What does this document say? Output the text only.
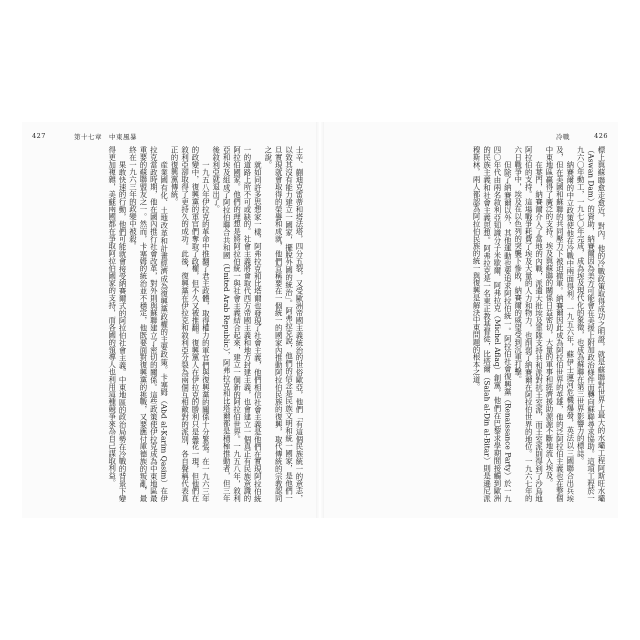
427	第十七章　中東風暴

士辛、蒯迪克雷蒂和塔法塔，四分五裂，又受歐洲帝國主義統治的世俗歐亞，他們「有這個民族統一的意志，以致其沒有能力建立一國家，擺脫外國的統治」。阿弗拉克說，他們的信念是民族文明和統一國家，是他們一旦實現就會取得的榮譽和成就，他們宣稱要在一個統一的國家內推動阿拉伯民族的復興，取代傳統的宗教認同之說。

就如同許多思想家一樣，阿弗拉克和比塔爾也發現了社會主義，他們相信社會主義是他們在實現阿拉伯統一的道路上所不可或缺的。社會主義將會取代西方帝國主義和地方封建主義，也會建立一個真正有民族意識的阿拉伯國家。他們的理想是將阿拉伯統一與社會主義結合起來，建立一個新的阿拉伯世界。一九五八年，敘利亞和埃及組成了阿拉伯聯合共和國（United Arab Republic），阿弗拉克和比塔爾都是積極推動者，但三年後敘利亞就退出了。

一九五八年伊拉克的革命中推翻了君主政體，取得權力的軍官們與復興黨的關係十分緊張。在一九六三年的政變中，復興黨的軍官們奪取了政權，但不久又被推翻。復興黨人在伊拉克的勝利只是曇花一現，但他們在敘利亞卻取得了更持久的成功。此後，復興黨在伊拉克和敘利亞分裂為兩個互相敵對的派別，各自聲稱代表真正的復興黨傳統。

産業國有化、土地改革和計畫經濟成為復興黨政權的主要政策。卡塞姆（Abd al-Karim Qasim）在伊拉克當政時期，他在國內推行社會改革，對外則與蘇聯建立了密切的關係。這些政策使伊拉克成為中東地區最重要的蘇聯盟友之一。然而，卡塞姆的統治並不穩定，他既要面對復興黨的挑戰，又要應付庫德族的叛亂，最終在一九六三年的政變中被殺。

果敢快速的行動，他們可能就會接受納賽爾式的阿拉伯社會主義。中東地區的政治局勢在冷戰的背景下變得更加複雜，美蘇兩國都在爭取阿拉伯國家的支持，而各國的領導人也利用這種競爭來為自己謀取利益。

冷戰	426

標上與蘇聯愈走愈近，對內，他的冷戰政策取得成功之明證，就是蘇聯對世界上最大的水壩工程阿斯旺水壩（Aswan Dam）的資助，納賽爾因為美方可能會在美援上附加政治條件而轉向蘇聯尋求協助。這項工程於一九六〇年動工，一九七〇年完成，成為埃及現代化的象徵，也成為蘇聯在第三世界影響力的標誌。

納賽爾的中立政策使他在冷戰中兩面得利。一九五六年，蘇伊士運河危機爆發，英法以三國聯合出兵埃及，但在美國和蘇聯的共同壓力下被迫撤軍。納賽爾因此成為阿拉伯世界的英雄，他的泛阿拉伯主義也在整個中東地區贏得了廣泛的支持。埃及與蘇聯的關係日益密切，大量的軍事和經濟援助源源不斷地流入埃及。

在葉門，納賽爾介入了當地的內戰，派遣大批埃及軍隊支持共和派對抗王室派，而王室派則得到了沙烏地阿拉伯的支持。這場戰爭耗費了埃及大量的人力和物力，也削弱了納賽爾在阿拉伯世界的地位。一九六七年的六日戰爭中，埃及在以色列的突襲下慘敗，納賽爾的威望受到沉重打擊。

但除了納賽爾以外，其他運動也要追求阿拉伯統一。阿拉伯社會復興黨（Renaissance Party）於一九四〇年代由兩名敘利亞知識分子米歇爾．阿弗拉克（Michel Aflaq）創黨，他們在巴黎求學期間接觸到歐洲的民族主義和社會主義思想。阿弗拉克是一名東正教基督徒，比塔爾（Salah al-Din al-Bitar）則是遜尼派穆斯林，兩人都認為阿拉伯民族的統一與復興是解決中東問題的根本之道。
